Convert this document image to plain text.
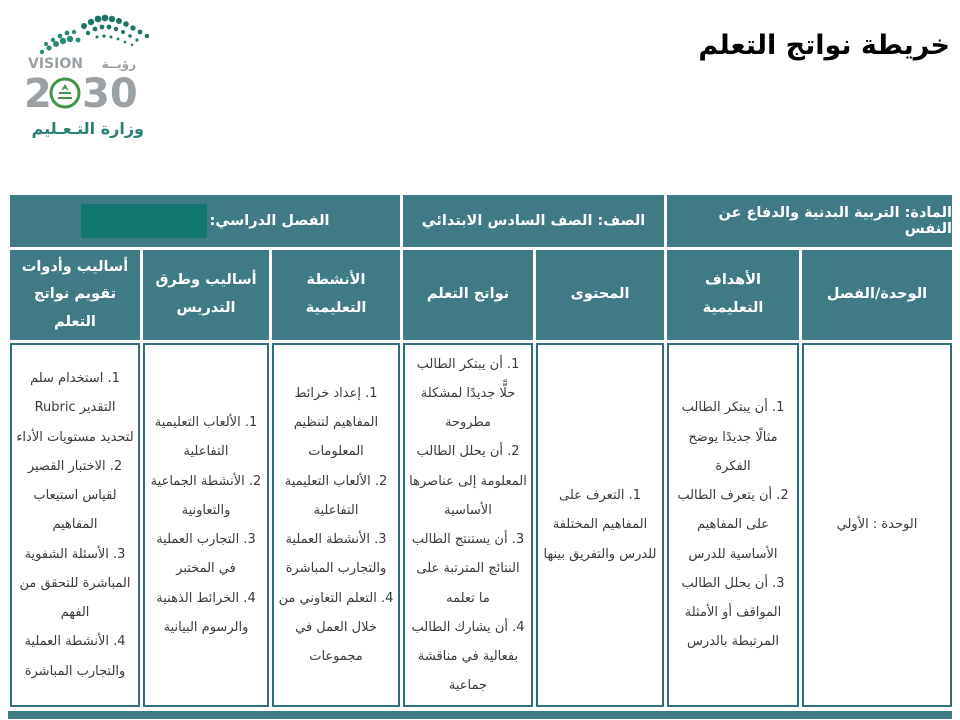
VISION رؤيــة
2 30
وزارة التـعـليم
خريطة نواتج التعلم
المادة: التربية البدنية والدفاع عن النفس
الصف: الصف السادس الابتدائي
الفصل الدراسي:
الوحدة/الفصل
الأهداف التعليمية
المحتوى
نواتج التعلم
الأنشطة التعليمية
أساليب وطرق التدريس
أساليب وأدوات تقويم نواتج التعلم
الوحدة : الأولي
1. أن يبتكر الطالب مثالًا جديدًا يوضح الفكرة
2. أن يتعرف الطالب على المفاهيم الأساسية للدرس
3. أن يحلل الطالب المواقف أو الأمثلة المرتبطة بالدرس
1. التعرف على المفاهيم المختلفة للدرس والتفريق بينها
1. أن يبتكر الطالب حلًّا جديدًا لمشكلة مطروحة
2. أن يحلل الطالب المعلومة إلى عناصرها الأساسية
3. أن يستنتج الطالب النتائج المترتبة على ما تعلمه
4. أن يشارك الطالب بفعالية في مناقشة جماعية
1. إعداد خرائط المفاهيم لتنظيم المعلومات
2. الألعاب التعليمية التفاعلية
3. الأنشطة العملية والتجارب المباشرة
4. التعلم التعاوني من خلال العمل في مجموعات
1. الألعاب التعليمية التفاعلية
2. الأنشطة الجماعية والتعاونية
3. التجارب العملية في المختبر
4. الخرائط الذهنية والرسوم البيانية
1. استخدام سلم التقدير Rubric لتحديد مستويات الأداء
2. الاختبار القصير لقياس استيعاب المفاهيم
3. الأسئلة الشفوية المباشرة للتحقق من الفهم
4. الأنشطة العملية والتجارب المباشرة
